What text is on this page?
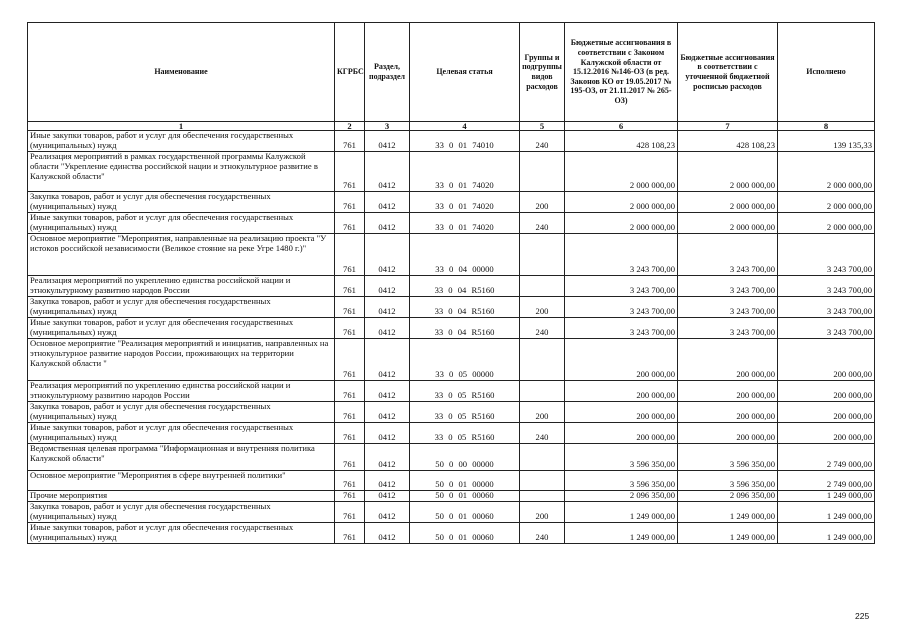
Наименование	КГРБС	Раздел, подраздел	Целевая статья	Группы и подгруппы видов расходов	Бюджетные ассигнования в соответствии с Законом Калужской области от 15.12.2016 №146-ОЗ (в ред. Законов КО от 19.05.2017 № 195-ОЗ, от 21.11.2017 № 265-ОЗ)	Бюджетные ассигнования в соответствии с уточненной бюджетной росписью расходов	Исполнено
1	2	3	4	5	6	7	8
Иные закупки товаров, работ и услуг для обеспечения государственных (муниципальных) нужд	761	0412	33 0 01 74010	240	428 108,23	428 108,23	139 135,33
Реализация мероприятий в рамках государственной программы Калужской области "Укрепление единства российской нации и этнокультурное развитие в Калужской области"	761	0412	33 0 01 74020		2 000 000,00	2 000 000,00	2 000 000,00
Закупка товаров, работ и услуг для обеспечения государственных (муниципальных) нужд	761	0412	33 0 01 74020	200	2 000 000,00	2 000 000,00	2 000 000,00
Иные закупки товаров, работ и услуг для обеспечения государственных (муниципальных) нужд	761	0412	33 0 01 74020	240	2 000 000,00	2 000 000,00	2 000 000,00
Основное мероприятие "Мероприятия, направленные на реализацию проекта "У истоков российской независимости (Великое стояние на реке Угре 1480 г.)"	761	0412	33 0 04 00000		3 243 700,00	3 243 700,00	3 243 700,00
Реализация мероприятий по укреплению единства российской нации и этнокультурному развитию народов России	761	0412	33 0 04 R5160		3 243 700,00	3 243 700,00	3 243 700,00
Закупка товаров, работ и услуг для обеспечения государственных (муниципальных) нужд	761	0412	33 0 04 R5160	200	3 243 700,00	3 243 700,00	3 243 700,00
Иные закупки товаров, работ и услуг для обеспечения государственных (муниципальных) нужд	761	0412	33 0 04 R5160	240	3 243 700,00	3 243 700,00	3 243 700,00
Основное мероприятие "Реализация мероприятий и инициатив, направленных на этнокультурное развитие народов России, проживающих на территории Калужской области "	761	0412	33 0 05 00000		200 000,00	200 000,00	200 000,00
Реализация мероприятий по укреплению единства российской нации и этнокультурному развитию народов России	761	0412	33 0 05 R5160		200 000,00	200 000,00	200 000,00
Закупка товаров, работ и услуг для обеспечения государственных (муниципальных) нужд	761	0412	33 0 05 R5160	200	200 000,00	200 000,00	200 000,00
Иные закупки товаров, работ и услуг для обеспечения государственных (муниципальных) нужд	761	0412	33 0 05 R5160	240	200 000,00	200 000,00	200 000,00
Ведомственная целевая программа "Информационная и внутренняя политика Калужской области"	761	0412	50 0 00 00000		3 596 350,00	3 596 350,00	2 749 000,00
Основное мероприятие "Мероприятия в сфере внутренней политики"	761	0412	50 0 01 00000		3 596 350,00	3 596 350,00	2 749 000,00
Прочие мероприятия	761	0412	50 0 01 00060		2 096 350,00	2 096 350,00	1 249 000,00
Закупка товаров, работ и услуг для обеспечения государственных (муниципальных) нужд	761	0412	50 0 01 00060	200	1 249 000,00	1 249 000,00	1 249 000,00
Иные закупки товаров, работ и услуг для обеспечения государственных (муниципальных) нужд	761	0412	50 0 01 00060	240	1 249 000,00	1 249 000,00	1 249 000,00
225
